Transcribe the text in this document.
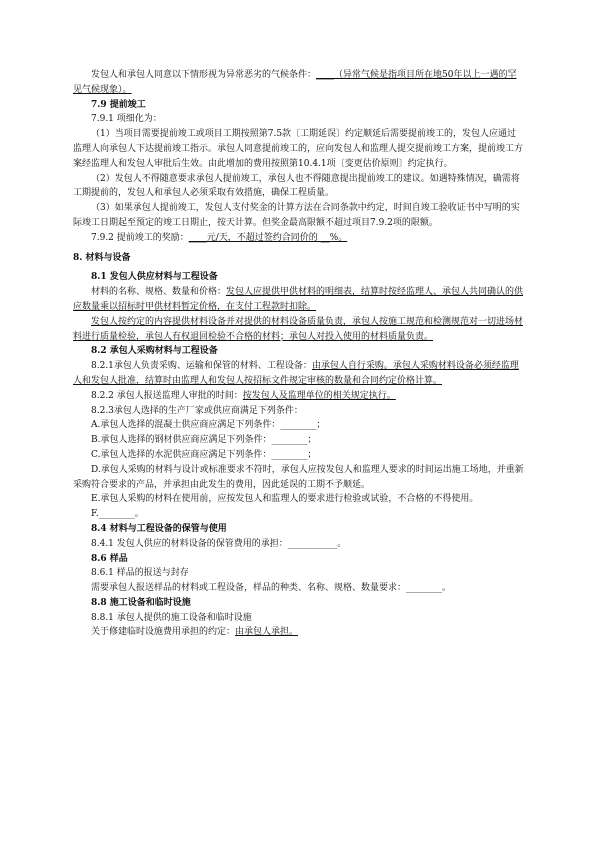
发包人和承包人同意以下情形视为异常恶劣的气候条件：____（异常气候是指项目所在地50年以上一遇的罕见气候现象）。

7.9 提前竣工

7.9.1 项细化为：

（1）当项目需要提前竣工或项目工期按照第7.5款〔工期延误〕约定顺延后需要提前竣工的，发包人应通过监理人向承包人下达提前竣工指示。承包人同意提前竣工的，应向发包人和监理人提交提前竣工方案，提前竣工方案经监理人和发包人审批后生效。由此增加的费用按照第10.4.1项〔变更估价原则〕约定执行。

（2）发包人不得随意要求承包人提前竣工，承包人也不得随意提出提前竣工的建议。如遇特殊情况，确需将工期提前的，发包人和承包人必须采取有效措施，确保工程质量。

（3）如果承包人提前竣工，发包人支付奖金的计算方法在合同条款中约定，时间自竣工验收证书中写明的实际竣工日期起至预定的竣工日期止，按天计算。但奖金最高限额不超过项目7.9.2项的限额。

7.9.2 提前竣工的奖励：____元/天，不超过签约合同价的 __%。

8. 材料与设备

8.1 发包人供应材料与工程设备

材料的名称、规格、数量和价格：发包人应提供甲供材料的明细表，结算时按经监理人、承包人共同确认的供应数量乘以招标时甲供材料暂定价格，在支付工程款时扣除。

发包人按约定的内容提供材料设备并对提供的材料设备质量负责，承包人按施工规范和检测规范对一切进场材料进行质量检验，承包人有权退回检验不合格的材料；承包人对投入使用的材料质量负责。

8.2 承包人采购材料与工程设备

8.2.1承包人负责采购、运输和保管的材料、工程设备：由承包人自行采购。承包人采购材料设备必须经监理人和发包人批准，结算时由监理人和发包人按招标文件规定审核的数量和合同约定价格计算。

8.2.2 承包人报送监理人审批的时间：按发包人及监理单位的相关规定执行。

8.2.3承包人选择的生产厂家或供应商满足下列条件：

A.承包人选择的混凝土供应商应满足下列条件：________；

B.承包人选择的钢材供应商应满足下列条件：________；

C.承包人选择的水泥供应商应满足下列条件：________；

D.承包人采购的材料与设计或标准要求不符时，承包人应按发包人和监理人要求的时间运出施工场地，并重新采购符合要求的产品，并承担由此发生的费用，因此延误的工期不予顺延。

E.承包人采购的材料在使用前，应按发包人和监理人的要求进行检验或试验，不合格的不得使用。

F.________。

8.4 材料与工程设备的保管与使用

8.4.1 发包人供应的材料设备的保管费用的承担：___________。

8.6 样品

8.6.1 样品的报送与封存

需要承包人报送样品的材料或工程设备，样品的种类、名称、规格、数量要求：________。

8.8 施工设备和临时设施

8.8.1 承包人提供的施工设备和临时设施

关于修建临时设施费用承担的约定：由承包人承担。
